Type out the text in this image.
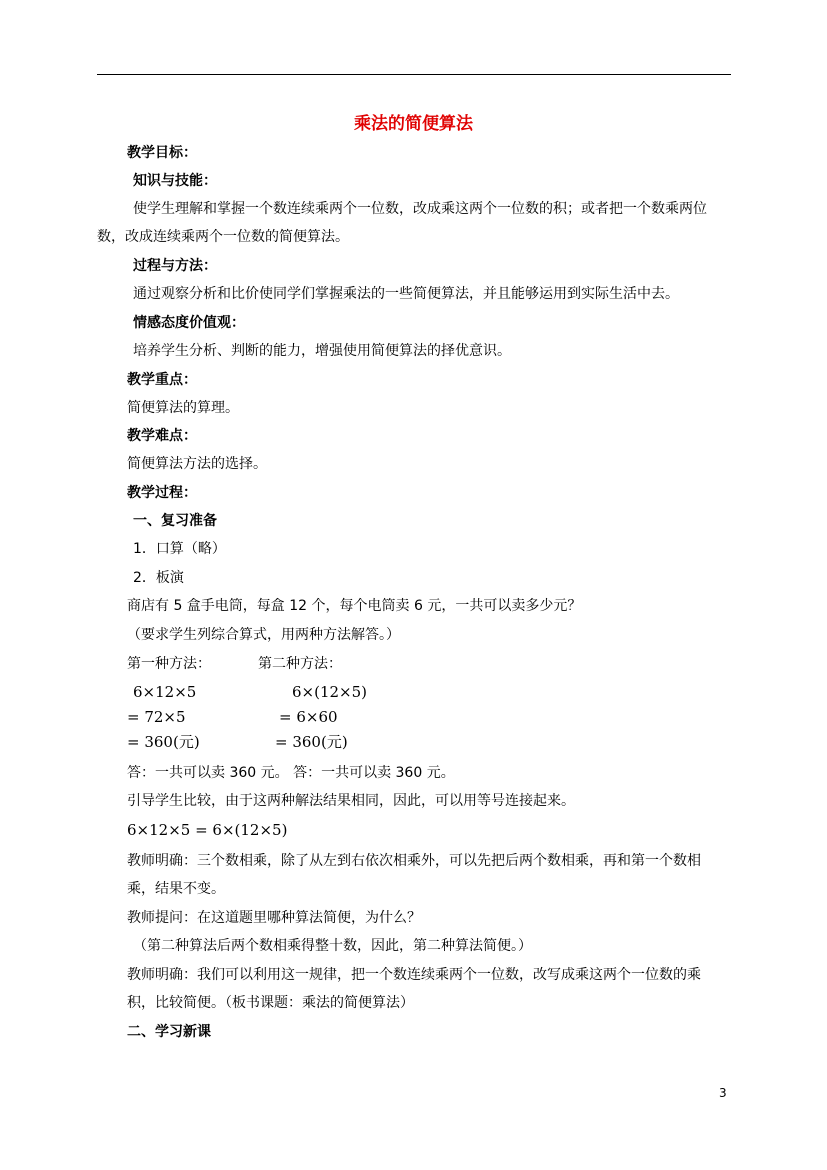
乘法的简便算法
教学目标：
知识与技能：
使学生理解和掌握一个数连续乘两个一位数，改成乘这两个一位数的积；或者把一个数乘两位
数，改成连续乘两个一位数的简便算法。
过程与方法：
通过观察分析和比价使同学们掌握乘法的一些简便算法，并且能够运用到实际生活中去。
情感态度价值观：
培养学生分析、判断的能力，增强使用简便算法的择优意识。
教学重点：
简便算法的算理。
教学难点：
简便算法方法的选择。
教学过程：
一、复习准备
1．口算（略）
2．板演
商店有 5 盒手电筒，每盒 12 个，每个电筒卖 6 元，一共可以卖多少元？
（要求学生列综合算式，用两种方法解答。）
第一种方法：	第二种方法：
6×12×5
= 72×5
= 360(元)
6×(12×5)
= 6×60
= 360(元)
答：一共可以卖 360 元。 答：一共可以卖 360 元。
引导学生比较，由于这两种解法结果相同，因此，可以用等号连接起来。
6×12×5 = 6×(12×5)
教师明确：三个数相乘，除了从左到右依次相乘外，可以先把后两个数相乘，再和第一个数相
乘，结果不变。
教师提问：在这道题里哪种算法简便，为什么？
（第二种算法后两个数相乘得整十数，因此，第二种算法简便。）
教师明确：我们可以利用这一规律，把一个数连续乘两个一位数，改写成乘这两个一位数的乘
积，比较简便。（板书课题：乘法的简便算法）
二、学习新课
3
